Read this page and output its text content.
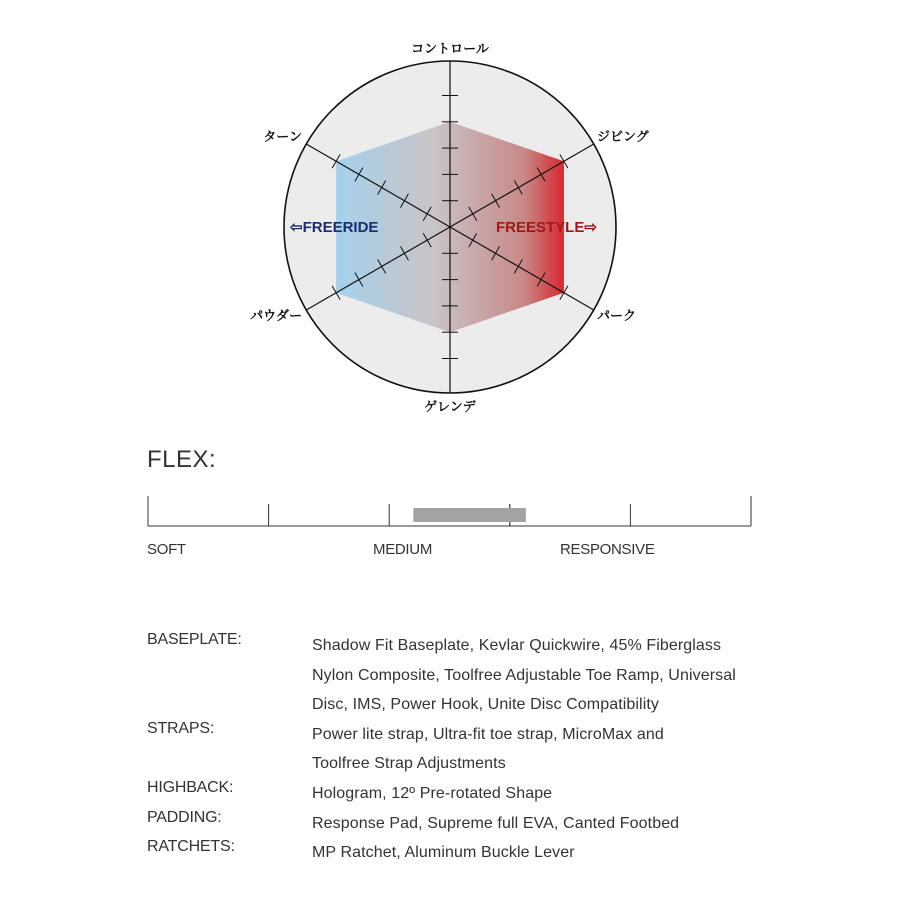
コントロール
ジビング
パーク
ゲレンデ
パウダー
ターン
⇦FREERIDE	FREESTYLE⇨
FLEX:
SOFT	MEDIUM	RESPONSIVE
BASEPLATE:	Shadow Fit Baseplate, Kevlar Quickwire, 45% Fiberglass
Nylon Composite, Toolfree Adjustable Toe Ramp, Universal
Disc, IMS, Power Hook, Unite Disc Compatibility
STRAPS:	Power lite strap, Ultra-fit toe strap, MicroMax and
Toolfree Strap Adjustments
HIGHBACK:	Hologram, 12º Pre-rotated Shape
PADDING:	Response Pad, Supreme full EVA, Canted Footbed
RATCHETS:	MP Ratchet, Aluminum Buckle Lever
